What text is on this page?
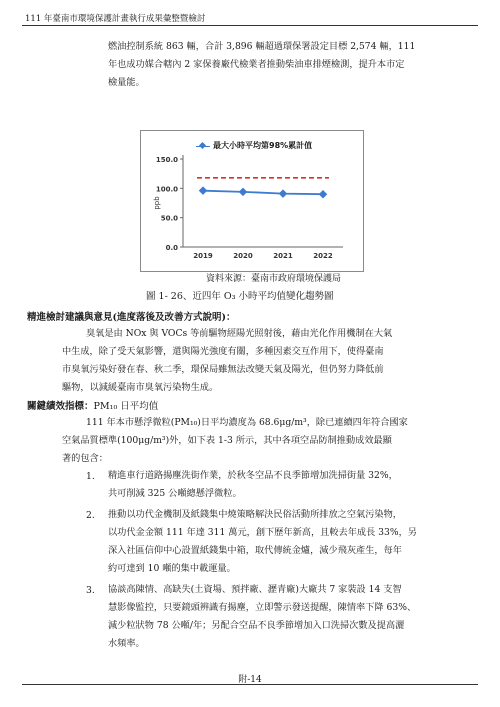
111 年臺南市環境保護計畫執行成果彙整暨檢討
燃油控制系統 863 輛，合計 3,896 輛超過環保署設定目標 2,574 輛，111
年也成功媒合轄內 2 家保養廠代檢業者推動柴油車排煙檢測，提升本市定
檢量能。
0.0
50.0
100.0
150.0
2019	2020	2021	2022
ppb
最大小時平均第98%累計值
資料來源：臺南市政府環境保護局
圖 1- 26、近四年 O₃ 小時平均值變化趨勢圖
精進檢討建議與意見(進度落後及改善方式說明)：
臭氧是由 NOx 與 VOCs 等前驅物經陽光照射後，藉由光化作用機制在大氣
中生成，除了受天氣影響，還與陽光強度有關，多種因素交互作用下，使得臺南
市臭氧污染好發在春、秋二季，環保局雖無法改變天氣及陽光，但仍努力降低前
驅物，以減緩臺南市臭氧污染物生成。
關鍵績效指標：PM₁₀ 日平均值
111 年本市懸浮微粒(PM₁₀)日平均濃度為 68.6μg/m³，除已連續四年符合國家
空氣品質標準(100μg/m³)外，如下表 1-3 所示，其中各項空品防制推動成效最顯
著的包含：
1. 精進車行道路揚塵洗街作業，於秋冬空品不良季節增加洗掃街量 32%，
共可削減 325 公噸總懸浮微粒。
2. 推動以功代金機制及紙錢集中燒策略解決民俗活動所排放之空氣污染物，
以功代金金額 111 年達 311 萬元，創下歷年新高，且較去年成長 33%，另
深入社區信仰中心設置紙錢集中箱，取代傳統金爐，減少飛灰產生，每年
約可達到 10 噸的集中載運量。
3. 協談高陳情、高缺失(土資場、預拌廠、瀝青廠)大廠共 7 家裝設 14 支智
慧影像監控，只要鏡頭辨識有揚塵，立即警示發送提醒，陳情率下降 63%、
減少粒狀物 78 公噸/年；另配合空品不良季節增加入口洗掃次數及提高灑
水頻率。
附-14
